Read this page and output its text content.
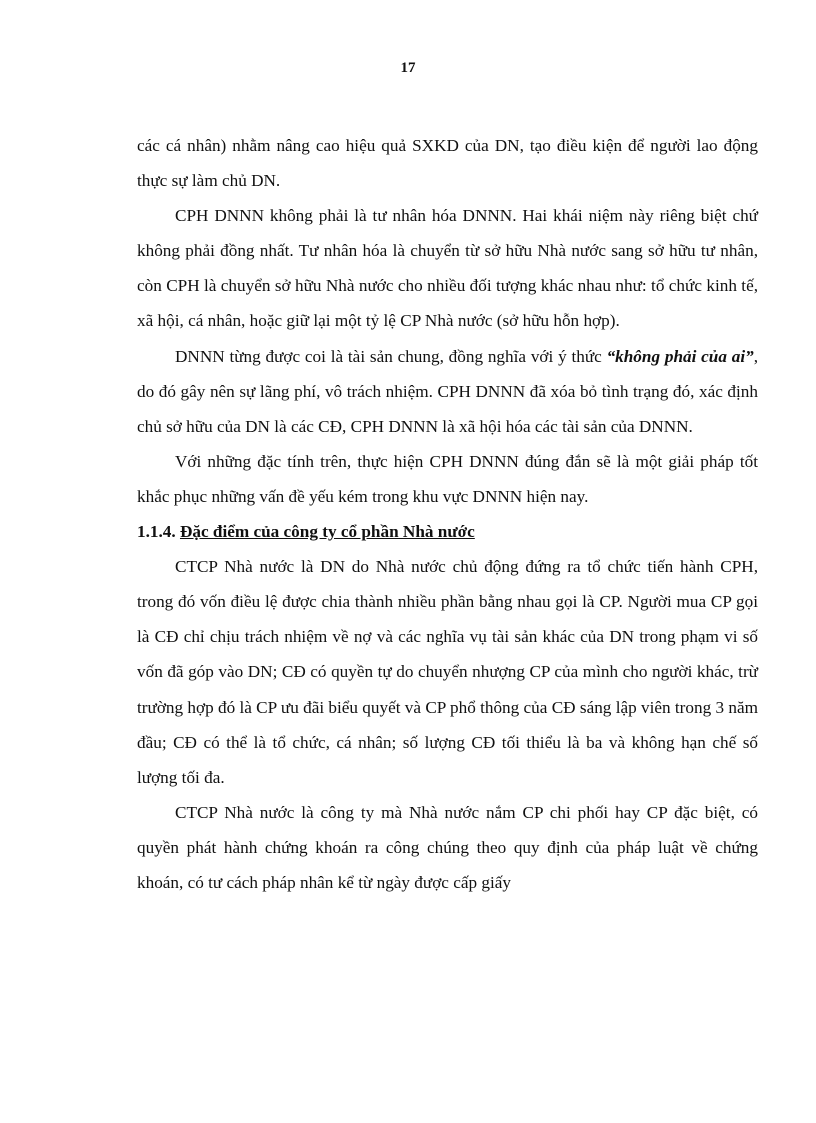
17

các cá nhân) nhằm nâng cao hiệu quả SXKD của DN, tạo điều kiện để người lao động thực sự làm chủ DN.

CPH DNNN không phải là tư nhân hóa DNNN. Hai khái niệm này riêng biệt chứ không phải đồng nhất. Tư nhân hóa là chuyển từ sở hữu Nhà nước sang sở hữu tư nhân, còn CPH là chuyển sở hữu Nhà nước cho nhiều đối tượng khác nhau như: tổ chức kinh tế, xã hội, cá nhân, hoặc giữ lại một tỷ lệ CP Nhà nước (sở hữu hỗn hợp).

DNNN từng được coi là tài sản chung, đồng nghĩa với ý thức “không phải của ai”, do đó gây nên sự lãng phí, vô trách nhiệm. CPH DNNN đã xóa bỏ tình trạng đó, xác định chủ sở hữu của DN là các CĐ, CPH DNNN là xã hội hóa các tài sản của DNNN.

Với những đặc tính trên, thực hiện CPH DNNN đúng đắn sẽ là một giải pháp tốt khắc phục những vấn đề yếu kém trong khu vực DNNN hiện nay.

1.1.4. Đặc điểm của công ty cổ phần Nhà nước

CTCP Nhà nước là DN do Nhà nước chủ động đứng ra tổ chức tiến hành CPH, trong đó vốn điều lệ được chia thành nhiều phần bằng nhau gọi là CP. Người mua CP gọi là CĐ chỉ chịu trách nhiệm về nợ và các nghĩa vụ tài sản khác của DN trong phạm vi số vốn đã góp vào DN; CĐ có quyền tự do chuyển nhượng CP của mình cho người khác, trừ trường hợp đó là CP ưu đãi biểu quyết và CP phổ thông của CĐ sáng lập viên trong 3 năm đầu; CĐ có thể là tổ chức, cá nhân; số lượng CĐ tối thiểu là ba và không hạn chế số lượng tối đa.

CTCP Nhà nước là công ty mà Nhà nước nắm CP chi phối hay CP đặc biệt, có quyền phát hành chứng khoán ra công chúng theo quy định của pháp luật về chứng khoán, có tư cách pháp nhân kể từ ngày được cấp giấy
